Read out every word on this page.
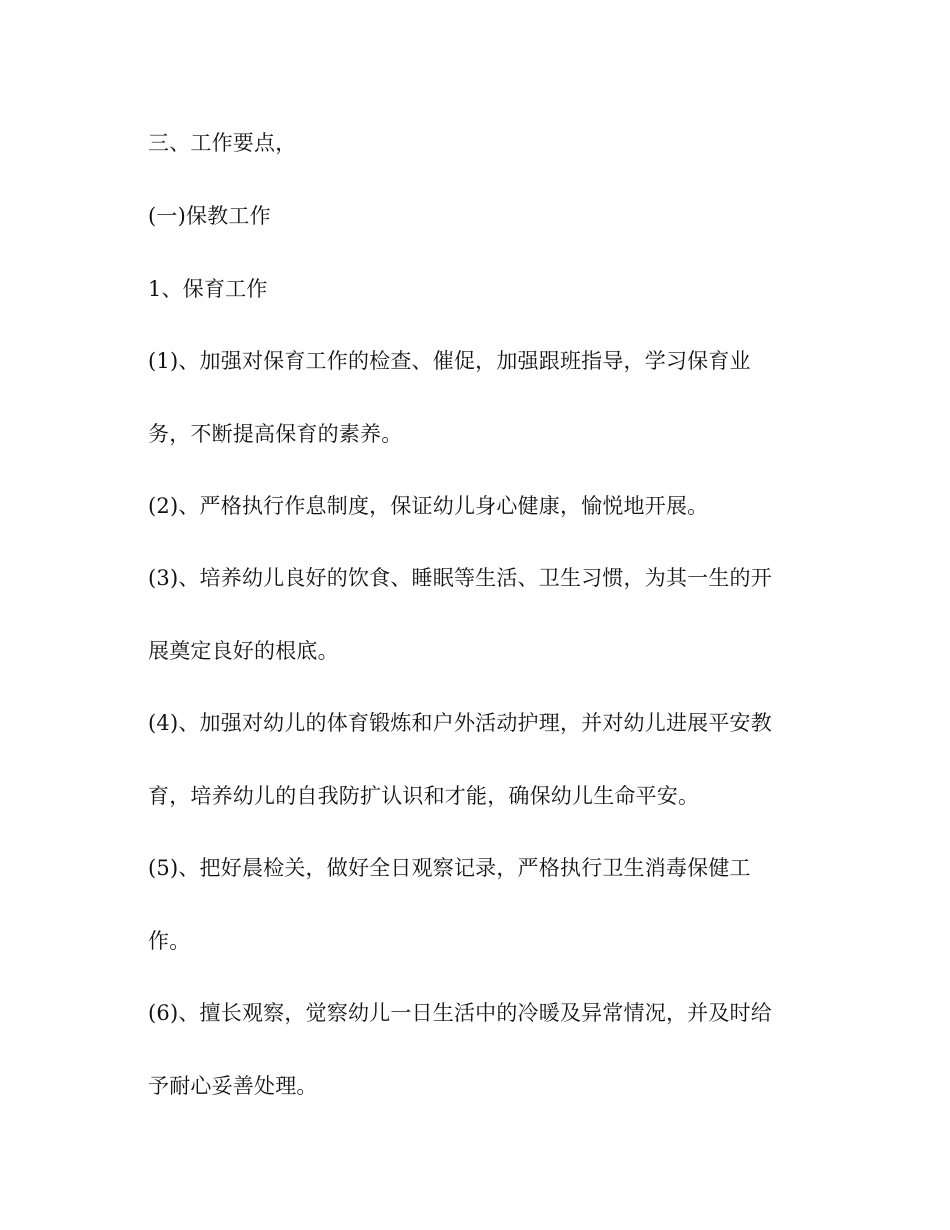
三、工作要点，
(一)保教工作
1、保育工作
(1)、加强对保育工作的检查、催促，加强跟班指导，学习保育业
务，不断提高保育的素养。
(2)、严格执行作息制度，保证幼儿身心健康，愉悦地开展。
(3)、培养幼儿良好的饮食、睡眠等生活、卫生习惯，为其一生的开
展奠定良好的根底。
(4)、加强对幼儿的体育锻炼和户外活动护理，并对幼儿进展平安教
育，培养幼儿的自我防扩认识和才能，确保幼儿生命平安。
(5)、把好晨检关，做好全日观察记录，严格执行卫生消毒保健工
作。
(6)、擅长观察，觉察幼儿一日生活中的冷暖及异常情况，并及时给
予耐心妥善处理。
